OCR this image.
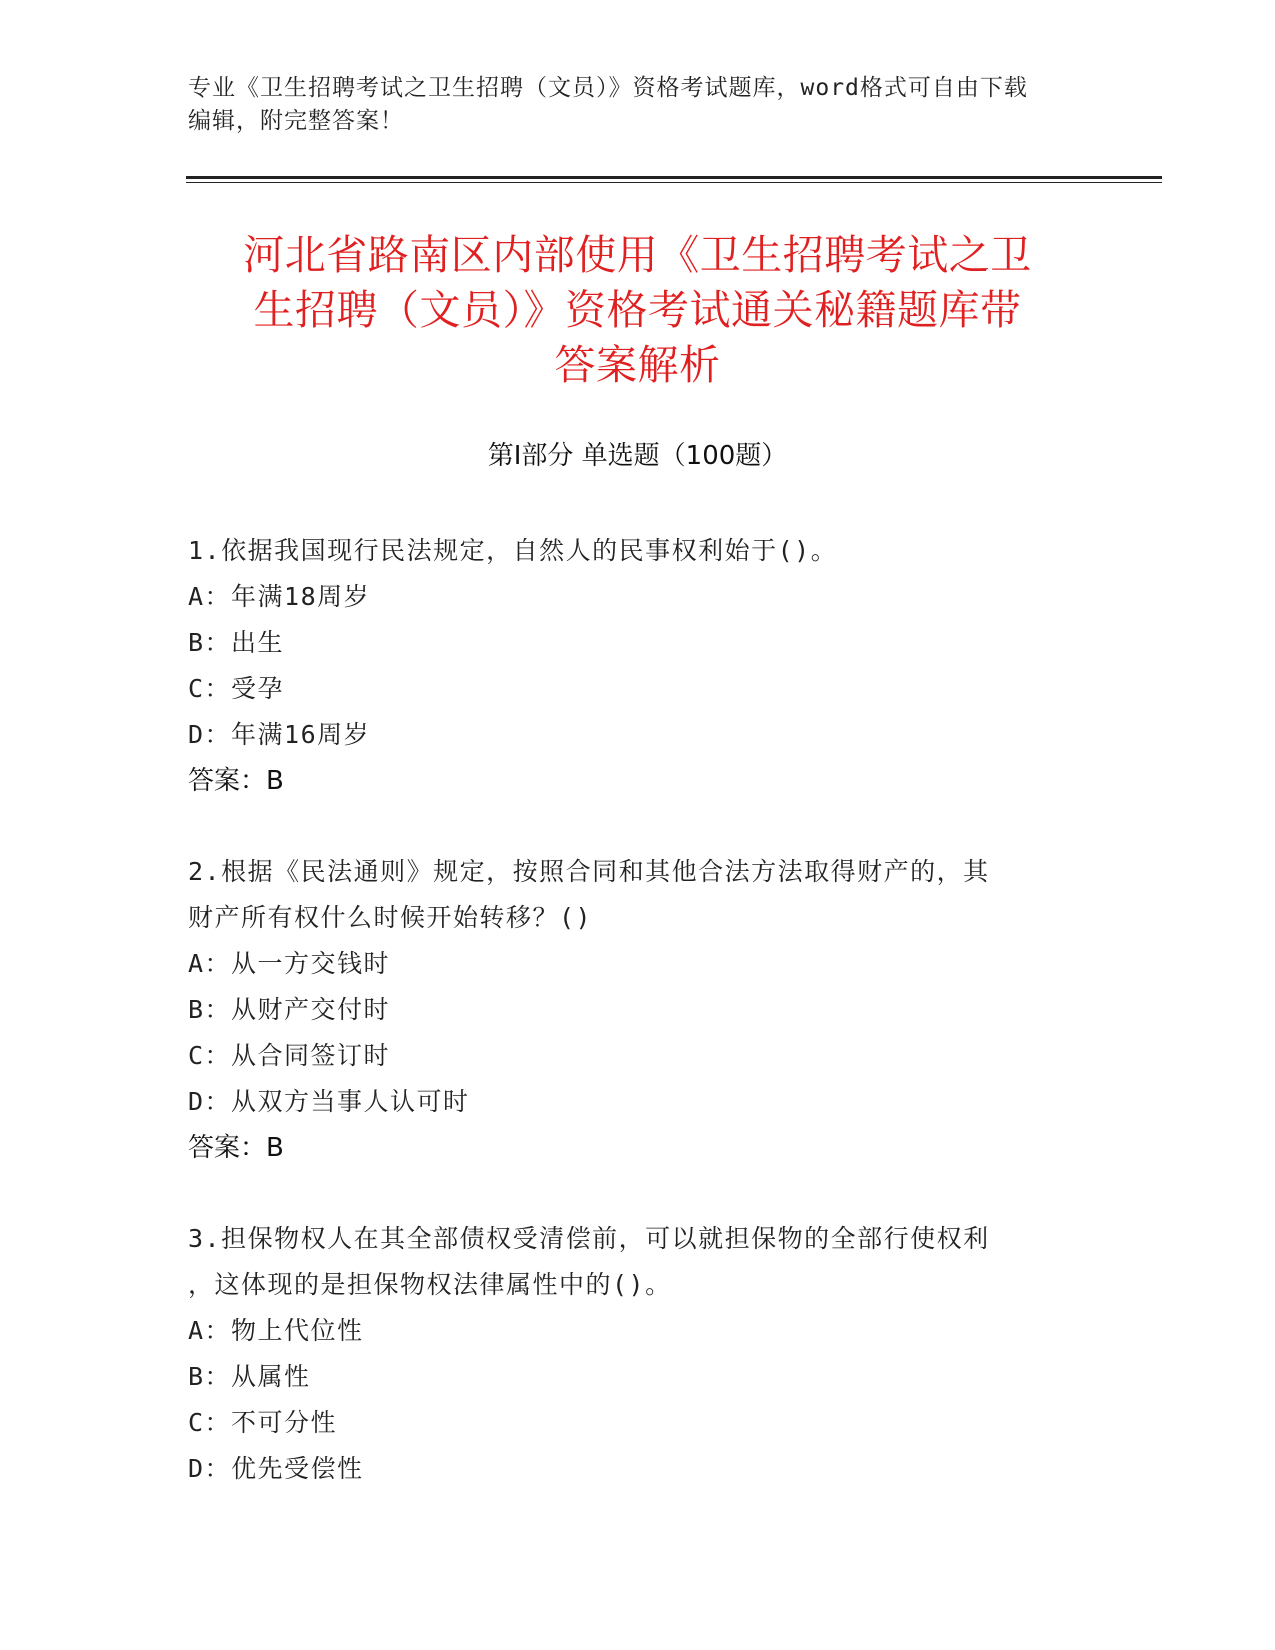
专业《卫生招聘考试之卫生招聘（文员）》资格考试题库，word格式可自由下载
编辑，附完整答案！
河北省路南区内部使用《卫生招聘考试之卫
生招聘（文员）》资格考试通关秘籍题库带
答案解析
第Ⅰ部分 单选题（100题）

1.依据我国现行民法规定，自然人的民事权利始于()。

A：年满18周岁

B：出生

C：受孕

D：年满16周岁

答案：B

2.根据《民法通则》规定，按照合同和其他合法方法取得财产的，其

财产所有权什么时候开始转移？()

A：从一方交钱时

B：从财产交付时

C：从合同签订时

D：从双方当事人认可时

答案：B

3.担保物权人在其全部债权受清偿前，可以就担保物的全部行使权利

，这体现的是担保物权法律属性中的()。

A：物上代位性

B：从属性

C：不可分性

D：优先受偿性
